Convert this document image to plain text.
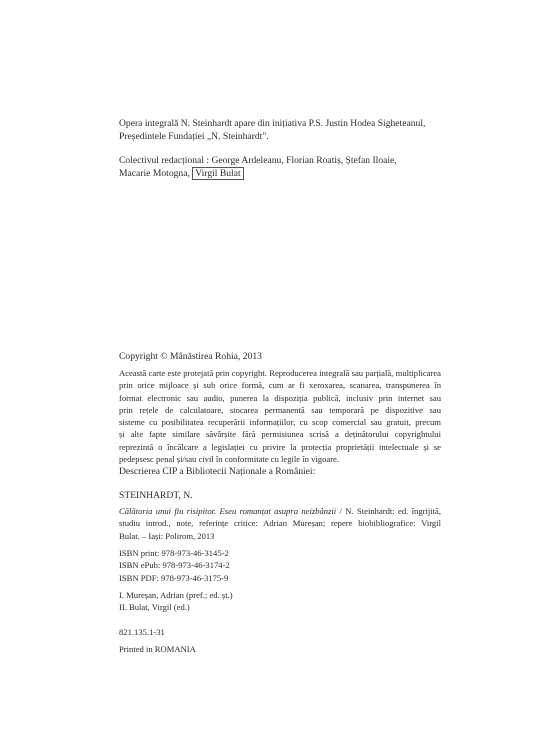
Opera integrală N. Steinhardt apare din inițiativa P.S. Justin Hodea Sigheteanul,
Președintele Fundației „N. Steinhardt".
Colectivul redacțional : George Ardeleanu, Florian Roatiș, Ștefan Iloaie,
Macarie Motogna, Virgil Bulat
Copyright © Mânăstirea Rohia, 2013
Această carte este protejată prin copyright. Reproducerea integrală sau parțială, multiplicarea
prin orice mijloace și sub orice formă, cum ar fi xeroxarea, scanarea, transpunerea în
format electronic sau audio, punerea la dispoziția publică, inclusiv prin internet sau
prin rețele de calculatoare, stocarea permanentă sau temporară pe dispozitive sau
sisteme cu posibilitatea recuperării informațiilor, cu scop comercial sau gratuit, precum
și alte fapte similare săvârșite fără permisiunea scrisă a deținătorului copyrightului
reprezintă o încălcare a legislației cu privire la protecția proprietății intelectuale și se
pedepsesc penal și/sau civil în conformitate cu legile în vigoare.
Descrierea CIP a Bibliotecii Naționale a României:
STEINHARDT, N.
Călătoria unui fiu risipitor. Eseu romanțat asupra neizbânzii / N. Steinhardt: ed. îngrijită,
studiu introd., note, referințe critice: Adrian Mureșan; repere biobibliografice: Virgil
Bulat. – Iași: Polirom, 2013
ISBN print: 978-973-46-3145-2
ISBN ePub: 978-973-46-3174-2
ISBN PDF: 978-973-46-3175-9
I. Mureșan, Adrian (pref.; ed. șt.)
II. Bulat, Virgil (ed.)
821.135.1-31
Printed in ROMANIA
